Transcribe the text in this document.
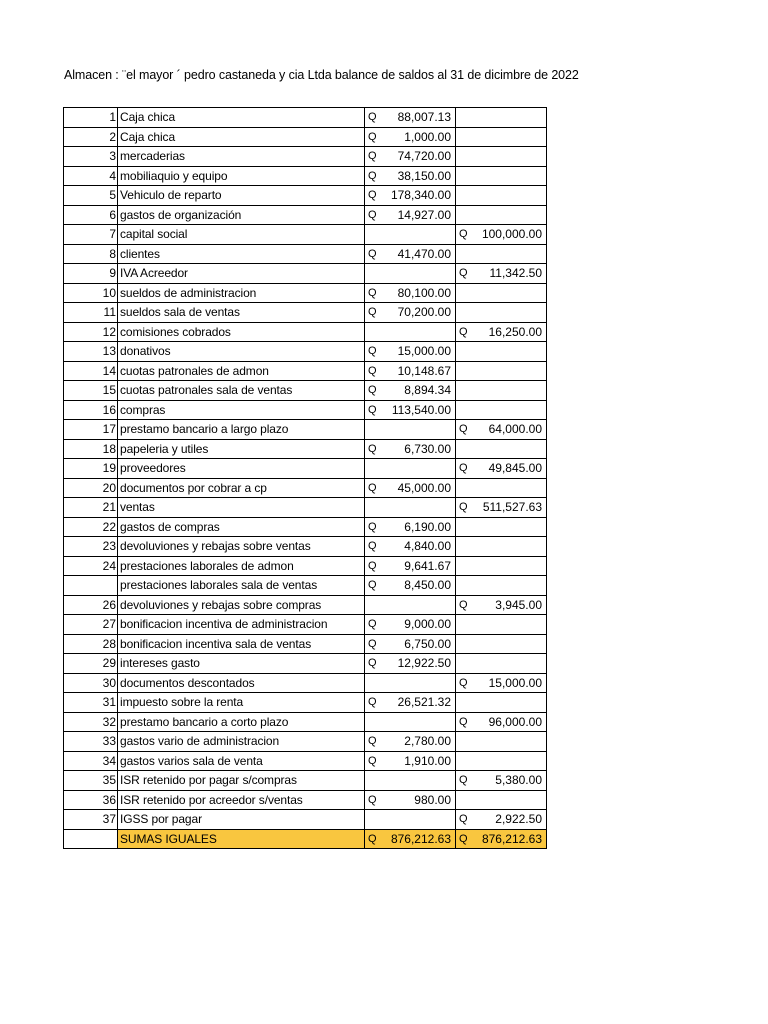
Almacen : ¨el mayor ´ pedro castaneda y cia Ltda balance de saldos al 31 de dicimbre de 2022
1	Caja chica	Q 88,007.13	

2	Caja chica	Q 1,000.00	

3	mercaderias	Q 74,720.00	

4	mobiliaquio y equipo	Q 38,150.00	

5	Vehiculo de reparto	Q 178,340.00	

6	gastos de organización	Q 14,927.00	

7	capital social		Q 100,000.00

8	clientes	Q 41,470.00	

9	IVA Acreedor		Q 11,342.50

10	sueldos de administracion	Q 80,100.00	

11	sueldos sala de ventas	Q 70,200.00	

12	comisiones cobrados		Q 16,250.00

13	donativos	Q 15,000.00	

14	cuotas patronales de admon	Q 10,148.67	

15	cuotas patronales sala de ventas	Q 8,894.34	

16	compras	Q 113,540.00	

17	prestamo bancario a largo plazo		Q 64,000.00

18	papeleria y utiles	Q 6,730.00	

19	proveedores		Q 49,845.00

20	documentos por cobrar a cp	Q 45,000.00	

21	ventas		Q 511,527.63

22	gastos de compras	Q 6,190.00	

23	devoluviones y rebajas sobre ventas	Q 4,840.00	

24	prestaciones laborales de admon	Q 9,641.67	

	prestaciones laborales sala de ventas	Q 8,450.00	

26	devoluviones y rebajas sobre compras		Q 3,945.00

27	bonificacion incentiva de administracion	Q 9,000.00	

28	bonificacion incentiva sala de ventas	Q 6,750.00	

29	intereses gasto	Q 12,922.50	

30	documentos descontados		Q 15,000.00

31	impuesto sobre la renta	Q 26,521.32	

32	prestamo bancario a corto plazo		Q 96,000.00

33	gastos vario de administracion	Q 2,780.00	

34	gastos varios sala de venta	Q 1,910.00	

35	ISR retenido por pagar s/compras		Q 5,380.00

36	ISR retenido por acreedor s/ventas	Q 980.00	

37	IGSS por pagar		Q 2,922.50

	SUMAS IGUALES	Q 876,212.63	Q 876,212.63
